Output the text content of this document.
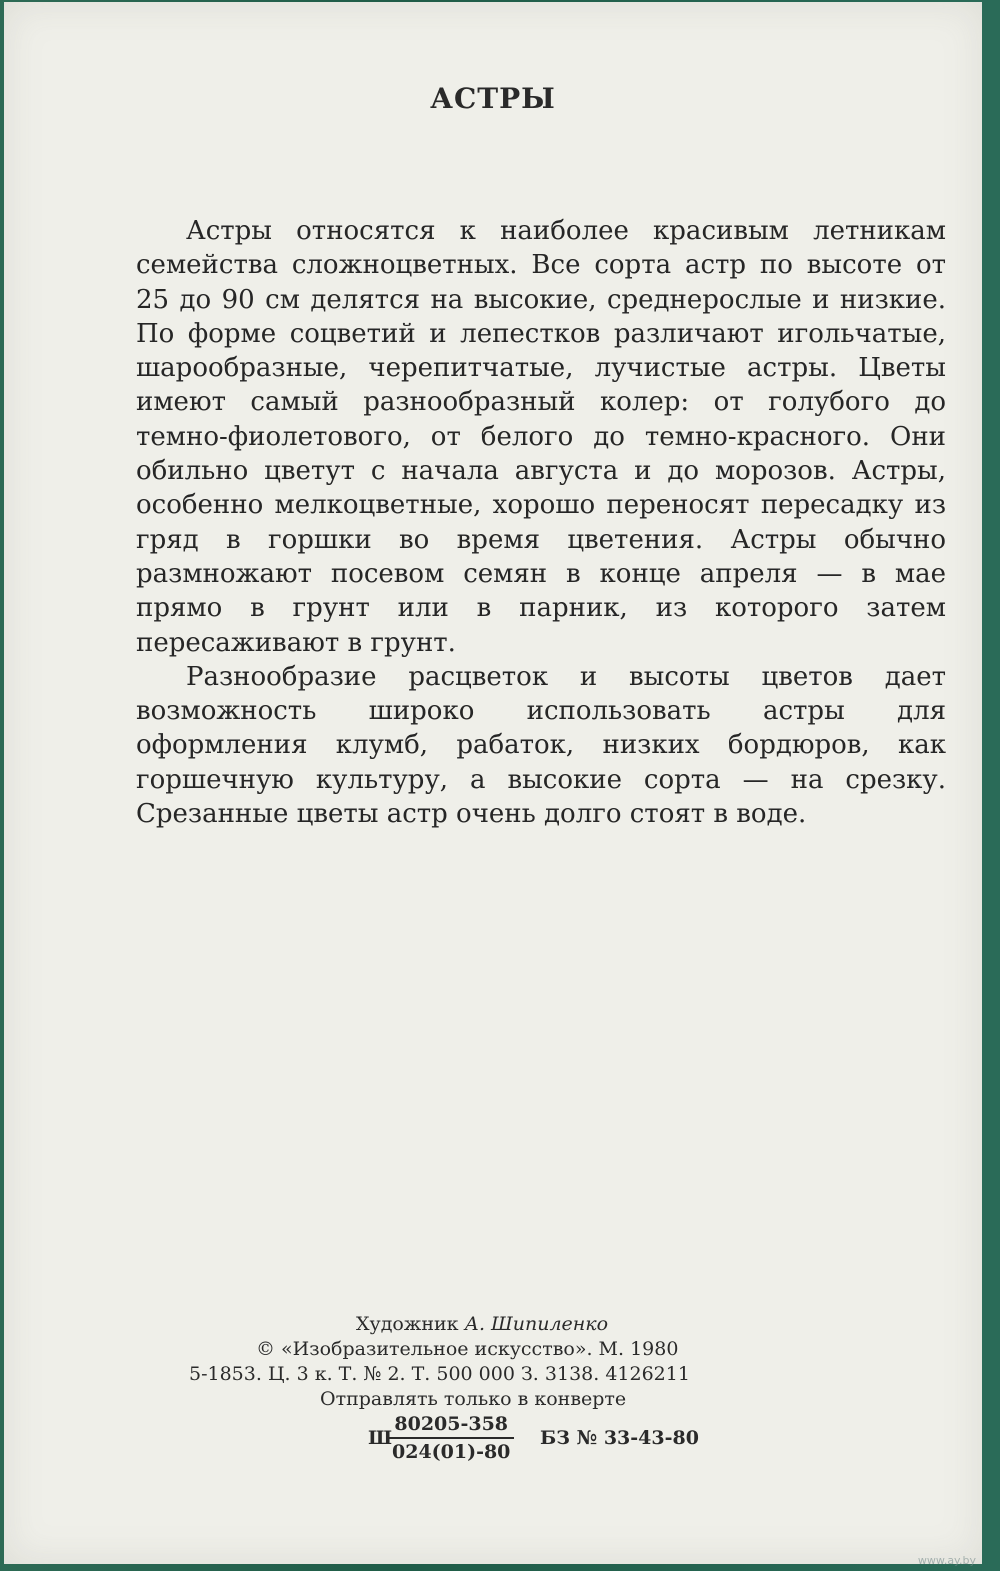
АСТРЫ

Астры относятся к наиболее красивым летникам семейства сложноцветных. Все сорта астр по высоте от 25 до 90 см делятся на высокие, среднерослые и низкие. По форме соцветий и лепестков различают игольчатые, шарообразные, черепитчатые, лучистые астры. Цветы имеют самый разнообразный колер: от голубого до темно-фиолетового, от белого до темно-красного. Они обильно цветут с начала августа и до морозов. Астры, особенно мелкоцветные, хорошо переносят пересадку из гряд в горшки во время цветения. Астры обычно размножают посевом семян в конце апреля — в мае прямо в грунт или в парник, из которого затем пересаживают в грунт.

Разнообразие расцветок и высоты цветов дает возможность широко использовать астры для оформления клумб, рабаток, низких бордюров, как горшечную культуру, а высокие сорта — на срезку. Срезанные цветы астр очень долго стоят в воде.

Художник А. Шипиленко
© «Изобразительное искусство». М. 1980
5-1853. Ц. 3 к. Т. № 2. Т. 500 000 З. 3138. 4126211
Отправлять только в конверте
Ш
$\frac{80205-358}{024(01)-80}$ БЗ № 33-43-80
www.ay.by
